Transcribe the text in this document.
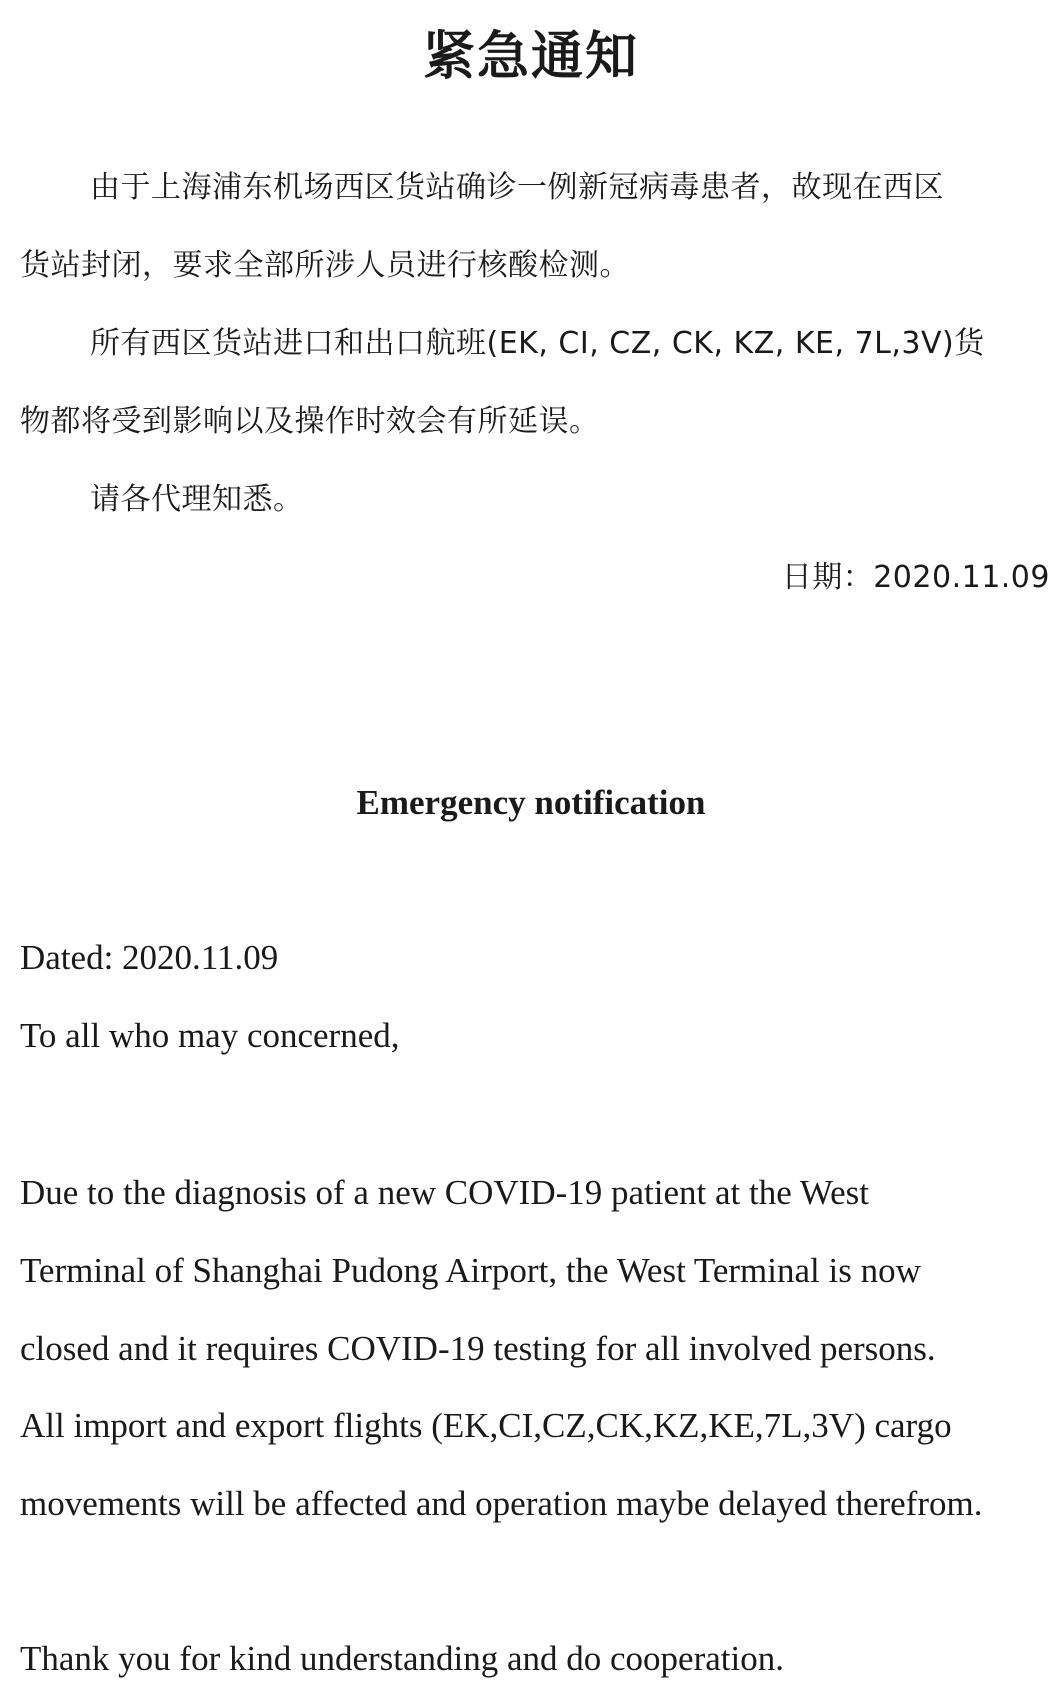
紧急通知

由于上海浦东机场西区货站确诊一例新冠病毒患者，故现在西区

货站封闭，要求全部所涉人员进行核酸检测。

所有西区货站进口和出口航班(EK, CI, CZ, CK, KZ, KE, 7L,3V)货

物都将受到影响以及操作时效会有所延误。

请各代理知悉。

日期：2020.11.09

Emergency notification

Dated: 2020.11.09

To all who may concerned,

Due to the diagnosis of a new COVID-19 patient at the West

Terminal of Shanghai Pudong Airport, the West Terminal is now

closed and it requires COVID-19 testing for all involved persons.

All import and export flights (EK,CI,CZ,CK,KZ,KE,7L,3V) cargo

movements will be affected and operation maybe delayed therefrom.

Thank you for kind understanding and do cooperation.
